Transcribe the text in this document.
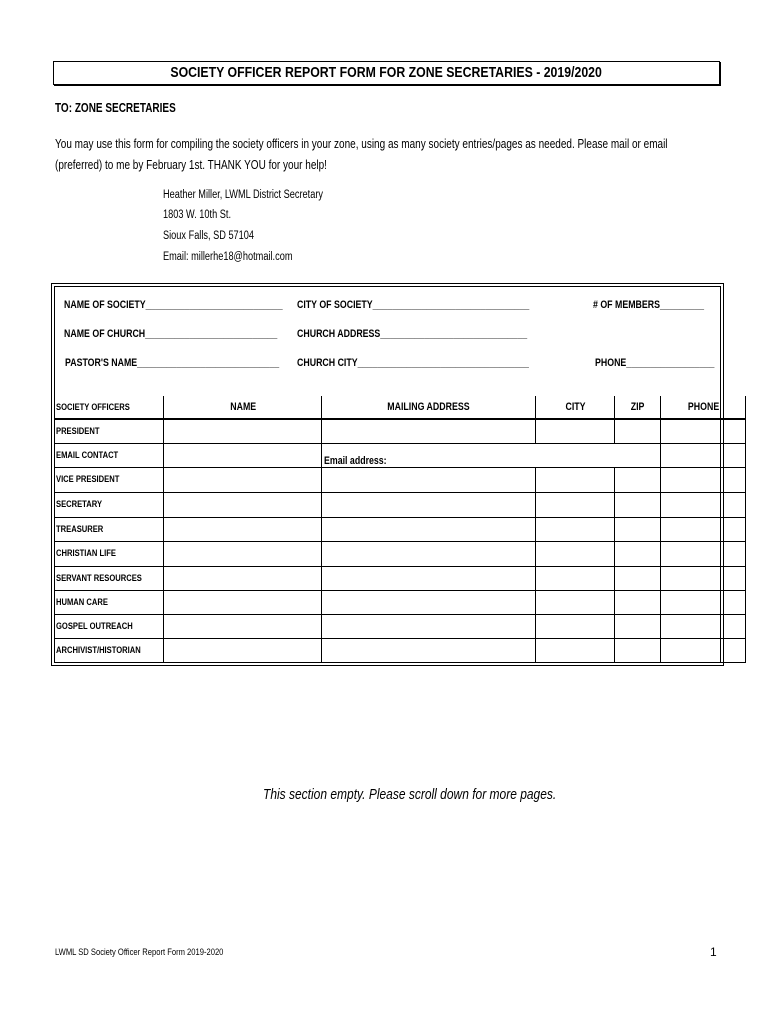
SOCIETY OFFICER REPORT FORM FOR ZONE SECRETARIES - 2019/2020
TO: ZONE SECRETARIES
You may use this form for compiling the society officers in your zone, using as many society entries/pages as needed. Please mail or email (preferred) to me by February 1st. THANK YOU for your help!
Heather Miller, LWML District Secretary
1803 W. 10th St.
Sioux Falls, SD 57104
Email: millerhe18@hotmail.com
NAME OF SOCIETY____________________________ CITY OF SOCIETY________________________________	# OF MEMBERS_________
NAME OF CHURCH___________________________ CHURCH ADDRESS______________________________
PASTOR'S NAME_____________________________ CHURCH CITY___________________________________	PHONE__________________
SOCIETY OFFICERS	NAME	MAILING ADDRESS	CITY	ZIP	PHONE
PRESIDENT					
EMAIL CONTACT		Email address:			
VICE PRESIDENT					
SECRETARY					
TREASURER					
CHRISTIAN LIFE					
SERVANT RESOURCES					
HUMAN CARE					
GOSPEL OUTREACH					
ARCHIVIST/HISTORIAN					
This section empty. Please scroll down for more pages.
LWML SD Society Officer Report Form 2019-2020	1
